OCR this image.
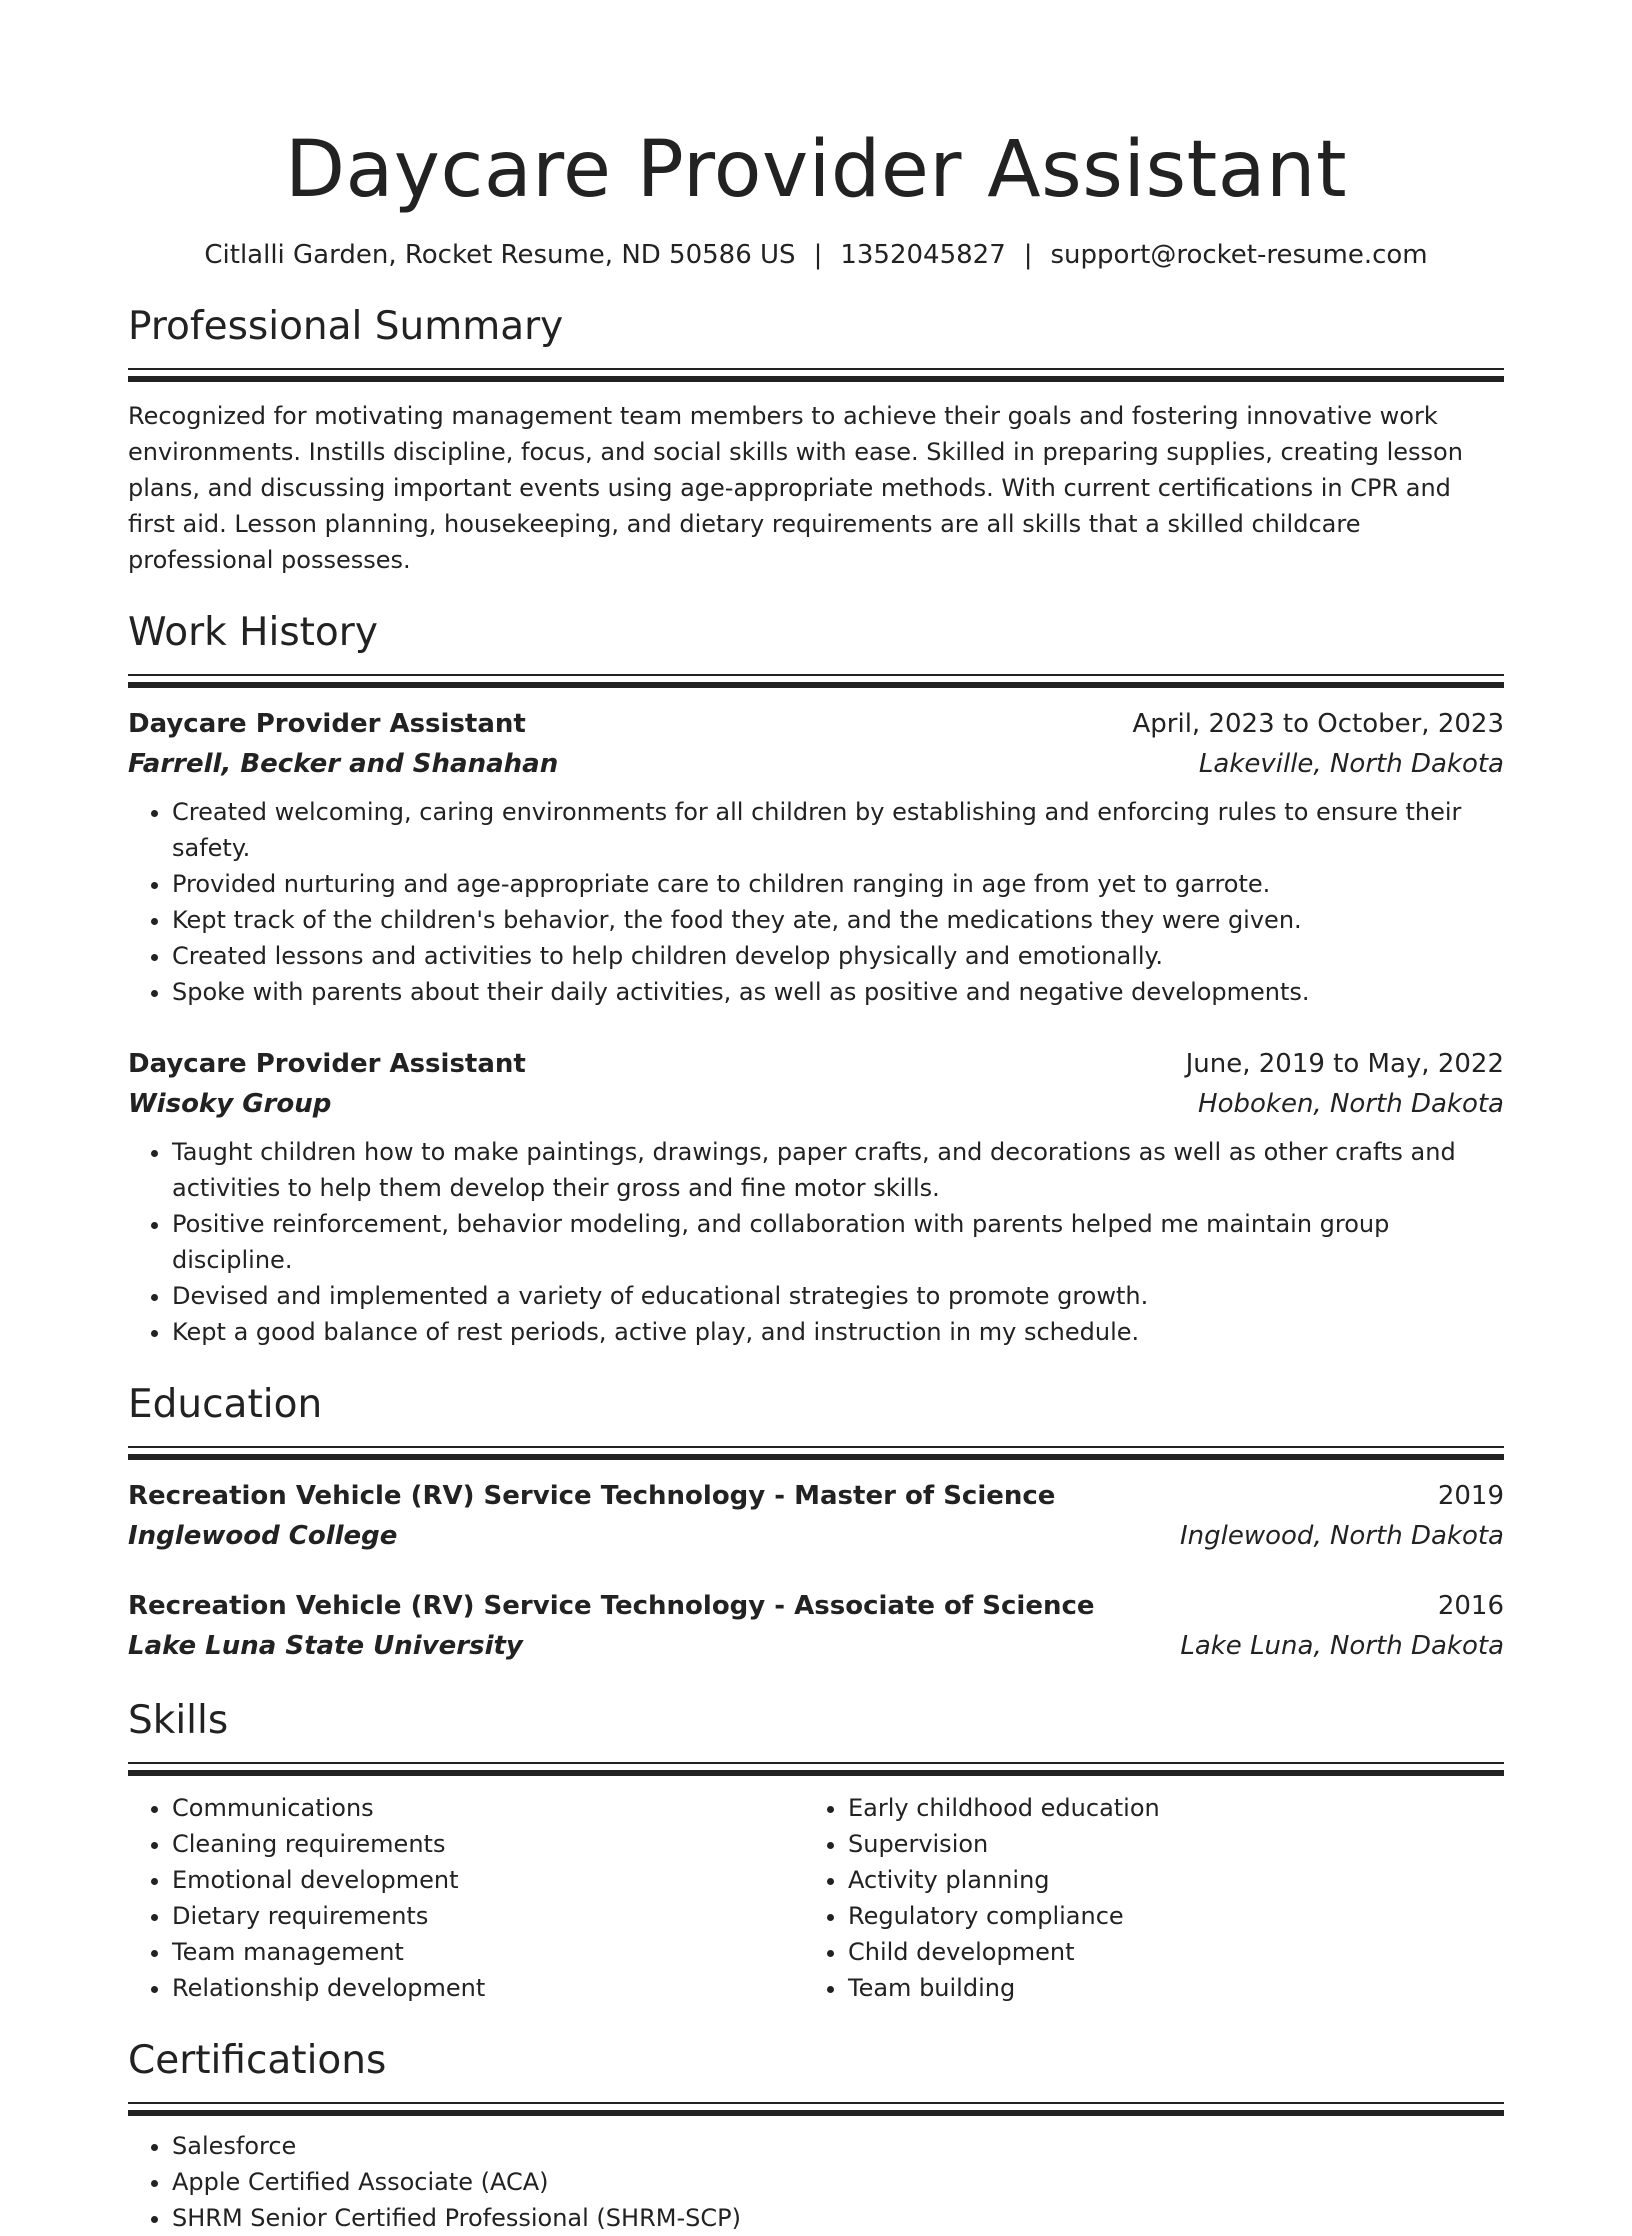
Daycare Provider Assistant
Citlalli Garden, Rocket Resume, ND 50586 US | 1352045827 | support@rocket-resume.com
Professional Summary

Recognized for motivating management team members to achieve their goals and fostering innovative work environments. Instills discipline, focus, and social skills with ease. Skilled in preparing supplies, creating lesson plans, and discussing important events using age-appropriate methods. With current certifications in CPR and first aid. Lesson planning, housekeeping, and dietary requirements are all skills that a skilled childcare professional possesses.

Work History
Daycare Provider Assistant	April, 2023 to October, 2023
Farrell, Becker and Shanahan	Lakeville, North Dakota
• Created welcoming, caring environments for all children by establishing and enforcing rules to ensure their safety.
• Provided nurturing and age-appropriate care to children ranging in age from yet to garrote.
• Kept track of the children's behavior, the food they ate, and the medications they were given.
• Created lessons and activities to help children develop physically and emotionally.
• Spoke with parents about their daily activities, as well as positive and negative developments.
Daycare Provider Assistant	June, 2019 to May, 2022
Wisoky Group	Hoboken, North Dakota
• Taught children how to make paintings, drawings, paper crafts, and decorations as well as other crafts and activities to help them develop their gross and fine motor skills.
• Positive reinforcement, behavior modeling, and collaboration with parents helped me maintain group discipline.
• Devised and implemented a variety of educational strategies to promote growth.
• Kept a good balance of rest periods, active play, and instruction in my schedule.
Education
Recreation Vehicle (RV) Service Technology - Master of Science	2019
Inglewood College	Inglewood, North Dakota
Recreation Vehicle (RV) Service Technology - Associate of Science	2016
Lake Luna State University	Lake Luna, North Dakota
Skills
• Communications
• Cleaning requirements
• Emotional development
• Dietary requirements
• Team management
• Relationship development
• Early childhood education
• Supervision
• Activity planning
• Regulatory compliance
• Child development
• Team building
Certifications
• Salesforce
• Apple Certified Associate (ACA)
• SHRM Senior Certified Professional (SHRM-SCP)
